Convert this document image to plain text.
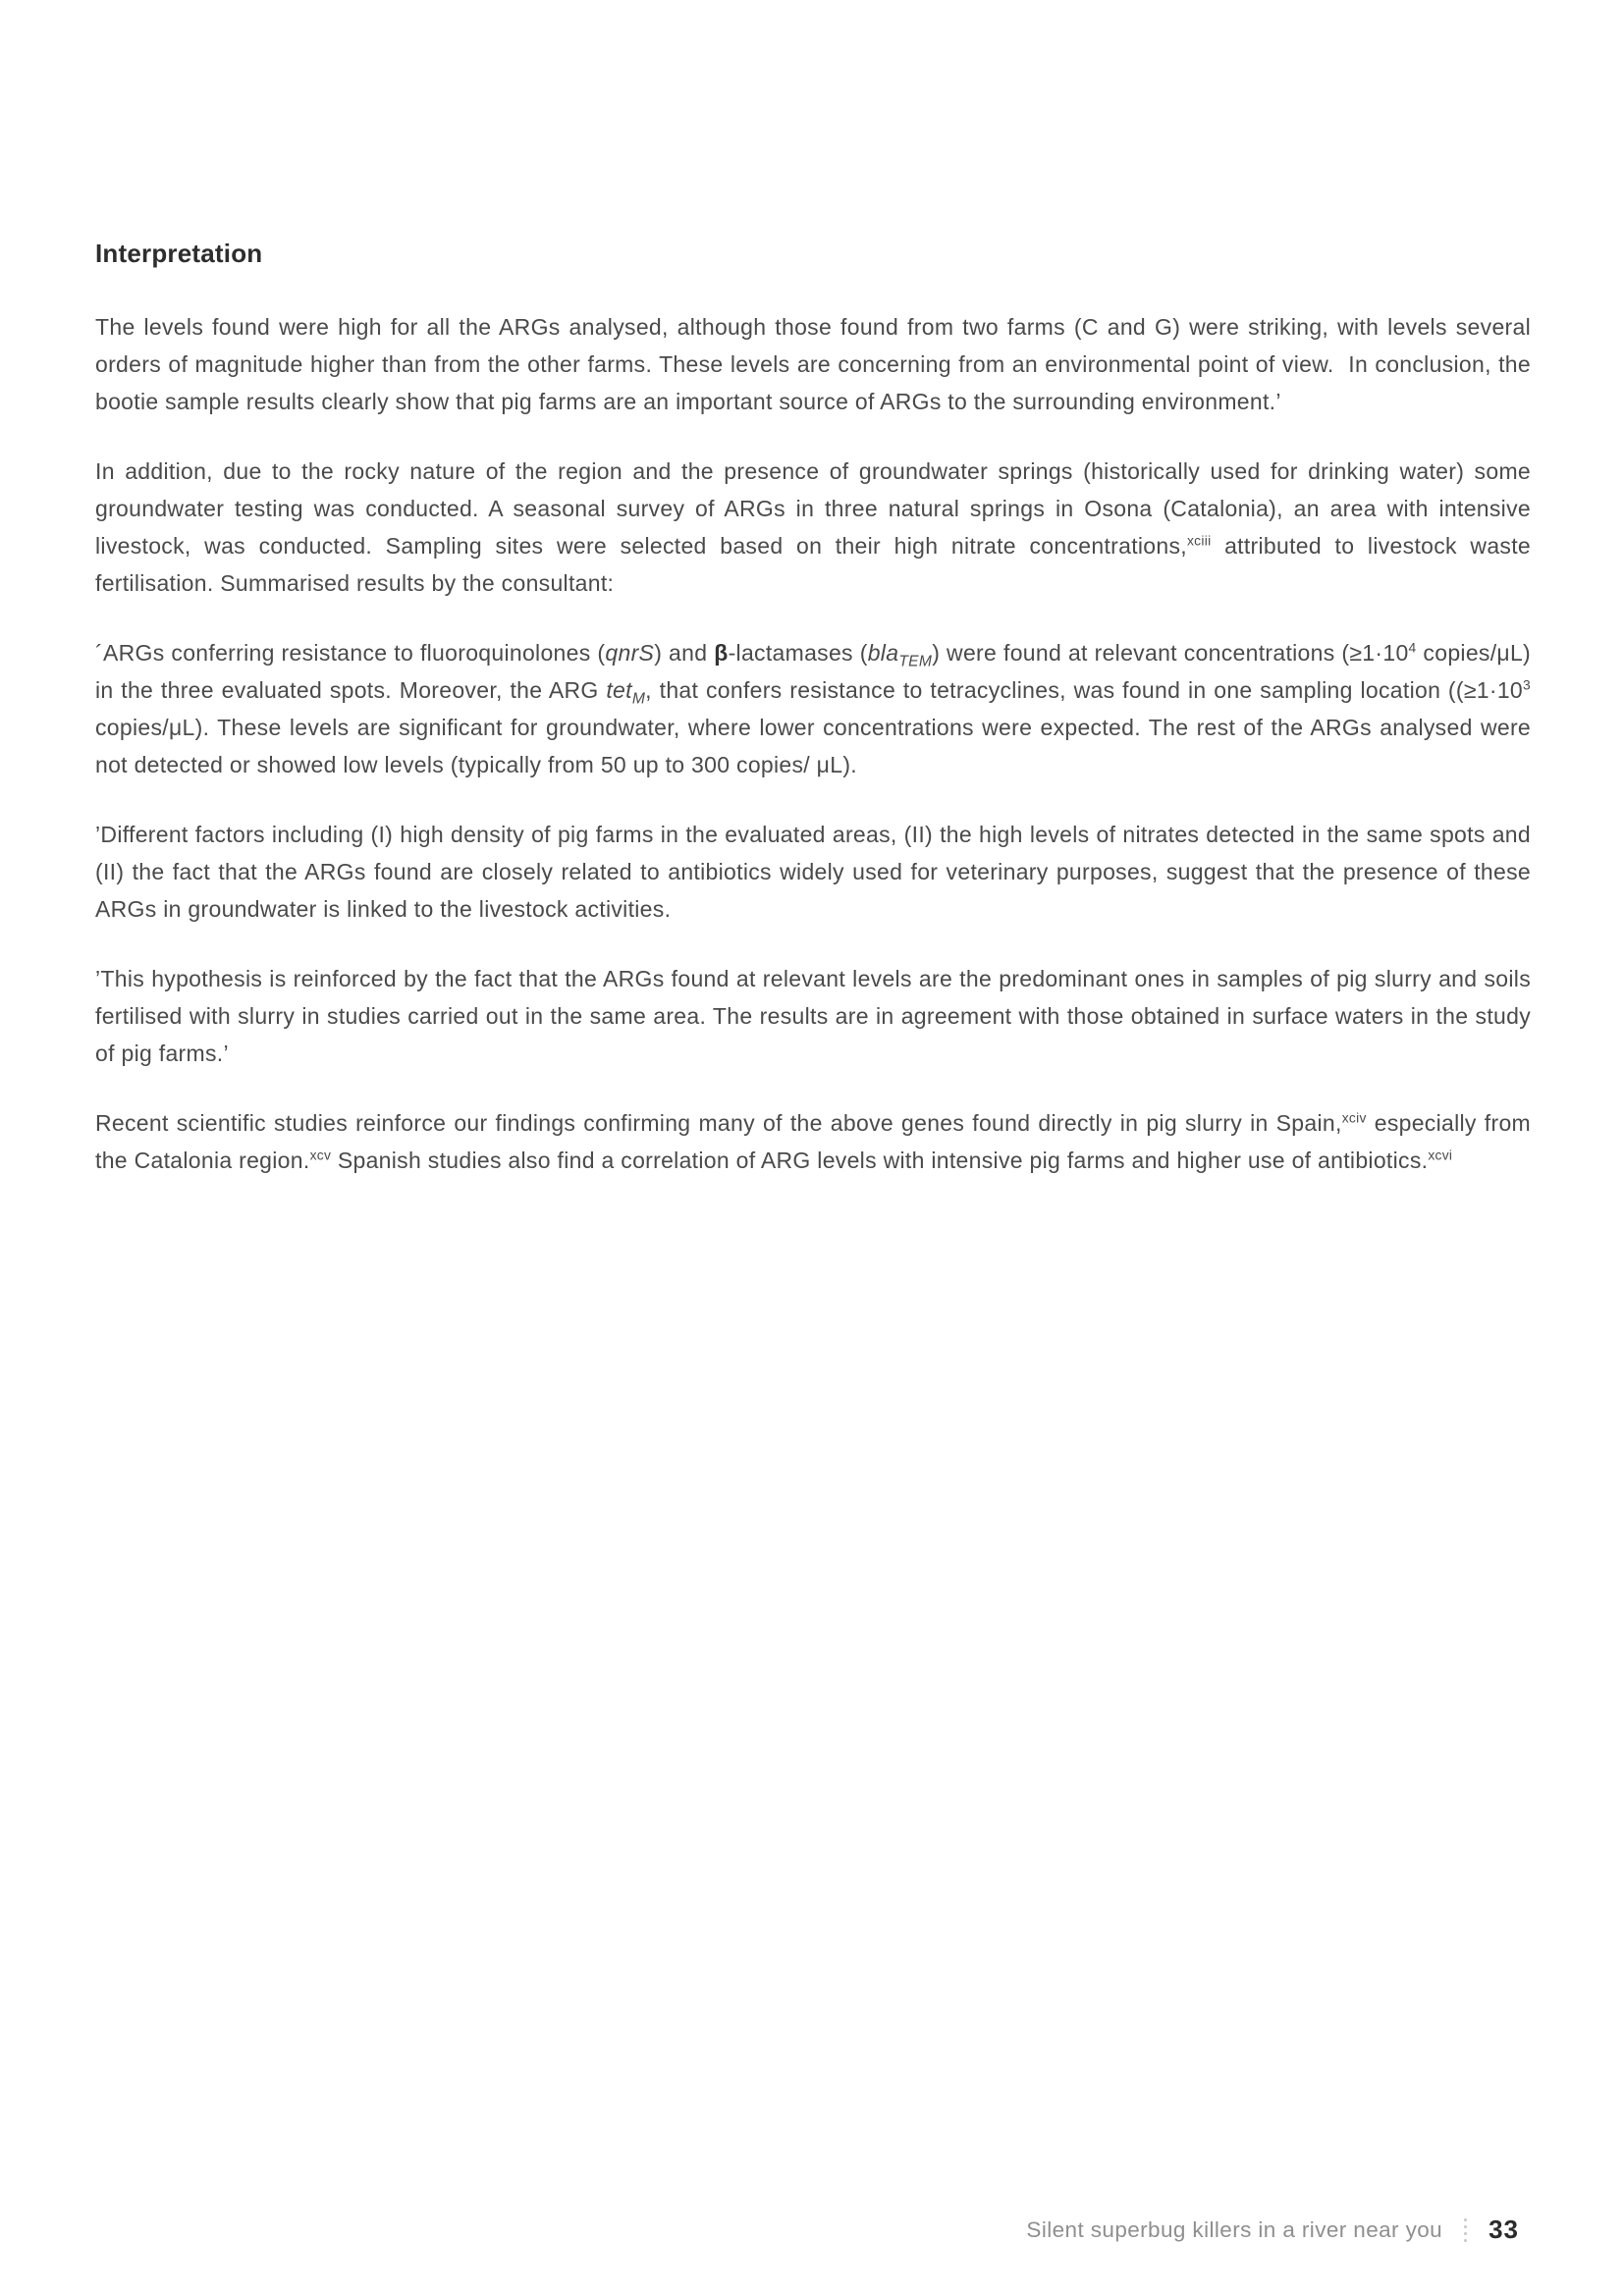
Interpretation

The levels found were high for all the ARGs analysed, although those found from two farms (C and G) were striking, with levels several orders of magnitude higher than from the other farms. These levels are concerning from an environmental point of view.  In conclusion, the bootie sample results clearly show that pig farms are an important source of ARGs to the surrounding environment.’

In addition, due to the rocky nature of the region and the presence of groundwater springs (historically used for drinking water) some groundwater testing was conducted. A seasonal survey of ARGs in three natural springs in Osona (Catalonia), an area with intensive livestock, was conducted. Sampling sites were selected based on their high nitrate concentrations,$^{xciii}$ attributed to livestock waste fertilisation. Summarised results by the consultant:

´ARGs conferring resistance to fluoroquinolones (qnrS) and β-lactamases (bla$_{TEM}$) were found at relevant concentrations ($\ge 1\cdot 10^4$ copies/μL) in the three evaluated spots. Moreover, the ARG tet$_M$, that confers resistance to tetracyclines, was found in one sampling location (($\ge 1\cdot 10^3$ copies/μL). These levels are significant for groundwater, where lower concentrations were expected. The rest of the ARGs analysed were not detected or showed low levels (typically from 50 up to 300 copies/ μL).

’Different factors including (I) high density of pig farms in the evaluated areas, (II) the high levels of nitrates detected in the same spots and (II) the fact that the ARGs found are closely related to antibiotics widely used for veterinary purposes, suggest that the presence of these ARGs in groundwater is linked to the livestock activities.

’This hypothesis is reinforced by the fact that the ARGs found at relevant levels are the predominant ones in samples of pig slurry and soils fertilised with slurry in studies carried out in the same area. The results are in agreement with those obtained in surface waters in the study of pig farms.’

Recent scientific studies reinforce our findings confirming many of the above genes found directly in pig slurry in Spain,$^{xciv}$ especially from the Catalonia region.$^{xcv}$ Spanish studies also find a correlation of ARG levels with intensive pig farms and higher use of antibiotics.$^{xcvi}$

Silent superbug killers in a river near you 33
